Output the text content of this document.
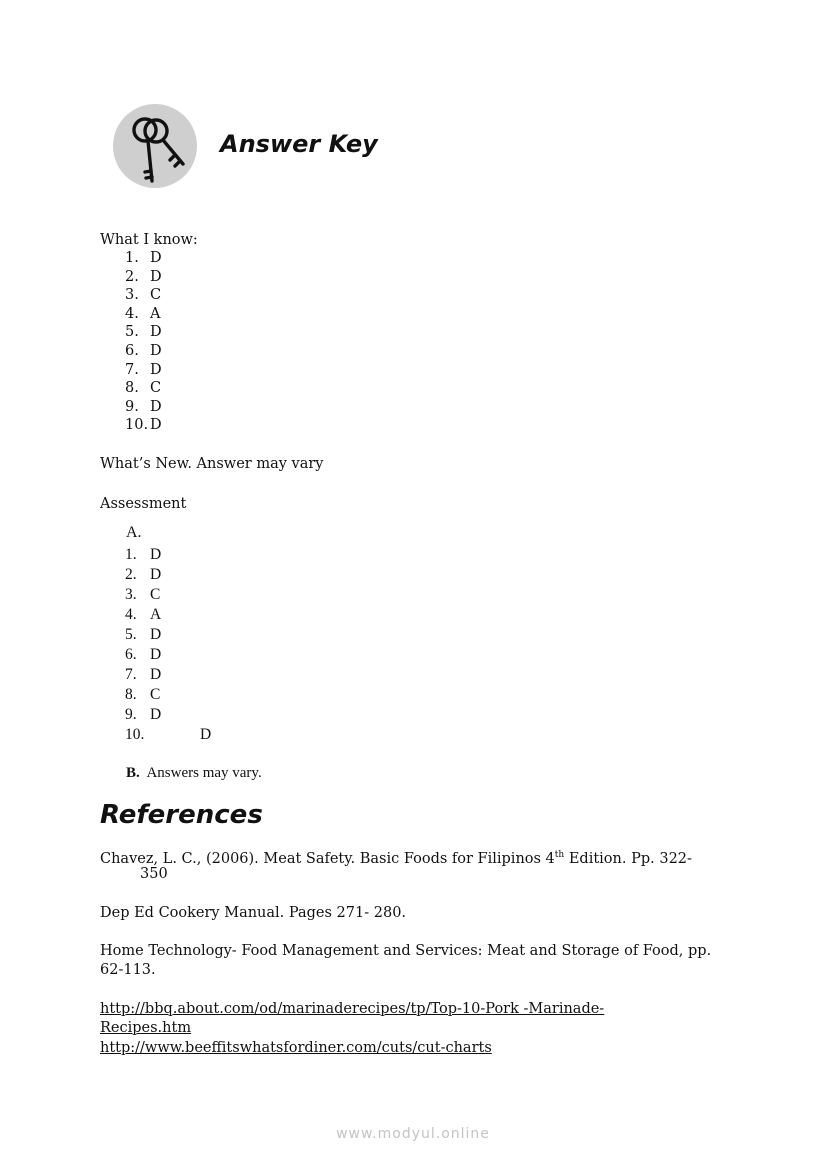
Answer Key
What I know:
1. D
2. D
3. C
4. A
5. D
6. D
7. D
8. C
9. D
10. D
What’s New. Answer may vary
Assessment
A.
1. D
2. D
3. C
4. A
5. D
6. D
7. D
8. C
9. D
10.	D
B. Answers may vary.
References
Chavez, L. C., (2006). Meat Safety. Basic Foods for Filipinos 4th Edition. Pp. 322-
350
Dep Ed Cookery Manual. Pages 271- 280.
Home Technology- Food Management and Services: Meat and Storage of Food, pp.
62-113.
http://bbq.about.com/od/marinaderecipes/tp/Top-10-Pork -Marinade-
Recipes.htm
http://www.beeffitswhatsfordiner.com/cuts/cut-charts
www.modyul.online
